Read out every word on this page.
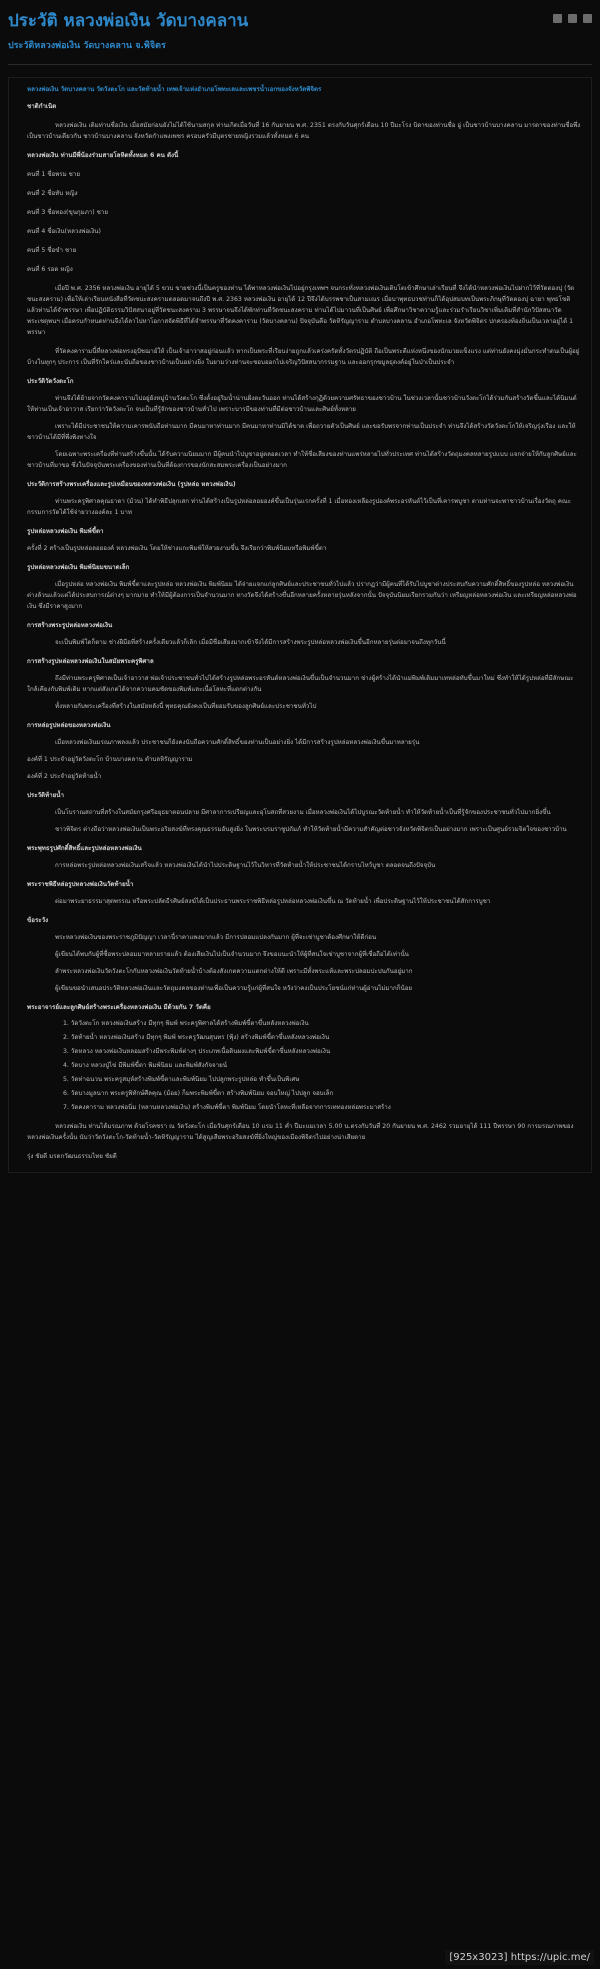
ประวัติ หลวงพ่อเงิน วัดบางคลาน

ประวัติหลวงพ่อเงิน วัดบางคลาน จ.พิจิตร

หลวงพ่อเงิน วัดบางคลาน วัดวังตะโก และวัดท้ายน้ำ เทพเจ้าแห่งอำเภอโพทะเลและเพชรน้ำเอกของจังหวัดพิจิตร

ชาติกำเนิด

หลวงพ่อเงิน เดิมท่านชื่อเงิน เมื่อสมัยก่อนยังไม่ได้ใช้นามสกุล ท่านเกิดเมื่อวันที่ 16 กันยายน พ.ศ. 2351 ตรงกับวันศุกร์เดือน 10 ปีมะโรง บิดาของท่านชื่อ อู่ เป็นชาวบ้านบางคลาน มารดาของท่านชื่อพึ่ง เป็นชาวบ้านเดียวกัน ชาวบ้านบางคลาน จังหวัดกำแพงเพชร ครอบครัวมีบุตรชายหญิงรวมแล้วทั้งหมด 6 คน

หลวงพ่อเงิน ท่านมีพี่น้องร่วมสายโลหิตทั้งหมด 6 คน ดังนี้

คนที่ 1 ชื่อพรม ชาย

คนที่ 2 ชื่อทับ หญิง

คนที่ 3 ชื่อทอง(ขุนกุมภา) ชาย

คนที่ 4 ชื่อเงิน(หลวงพ่อเงิน)

คนที่ 5 ชื่อขำ ชาย

คนที่ 6 รอด หญิง

เมื่อปี พ.ศ. 2356 หลวงพ่อเงิน อายุได้ 5 ขวบ ขายช่วงนี้เป็นครูของท่าน ได้พาหลวงพ่อเงินไปอยู่กรุงเทพฯ จนกระทั่งหลวงพ่อเงินเติบโตเข้าศึกษาเล่าเรียนที่ จึงได้นำหลวงพ่อเงินไปฝากไว้ที่วัดตองปุ (วัดชนะสงคราม) เพื่อให้เล่าเรียนหนังสือที่วัดชนะสงครามตลอดมาจนถึงปี พ.ศ. 2363 หลวงพ่อเงิน อายุได้ 12 ปีจึงได้บรรพชาเป็นสามเณร เมื่อบาพุทธบวชท่านก็ได้อุปสมบทเป็นพระภิกษุที่วัดตองปุ ฉายา พุทธโชติ แล้วท่านได้จำพรรษา เพื่อปฏิบัติธรรมวิปัสสนาอยู่ที่วัดชนะสงคราม 3 พรรษาจนจึงได้พักท่านที่วัดชนะสงคราม ท่านได้ไปมาวนที่เป็นศิษย์ เพื่อศึกษาวิชาความรู้และร่วมรำเรียนวิชาเพิ่มเติมที่สำนักวิปัสสนาวัดพระเชตุพนฯ เมื่อครบกำหนดท่านจึงได้ลาไปหาโอกาสจัดพิธีที่ได้จำพรรษาที่วัดคงคาราม (วัดบางคลาน) ปัจจุบันคือ วัดหิรัญญาราม ตำบลบางคลาน อำเภอโพทะเล จังหวัดพิจิตร ปกครองท้องถิ่นเป็นเวลาอยู่ได้ 1 พรรษา

ที่วัดคงคารามนี้ที่หลวงพ่อทรงอุปัชฌาย์ให้ เป็นเจ้าอาวาสอยู่ก่อนแล้ว หากเป็นพระที่เรียบง่ายถูกแล้วเคร่งครัดทั้งวัตรปฏิบัติ ถือเป็นพระดีแห่งหนึ่งของนักมวยแข็งแรง แต่ท่านยังคงมุ่งมั่นกระทำตนเป็นผู้อยู่บ้างในทุกๆ ประการ เป็นที่รักใคร่และนับถือของชาวบ้านเป็นอย่างยิ่ง ในยามว่างท่านจะชอบออกไปเจริญวิปัสสนากรรมฐาน และออกรุกขมูลธุดงค์อยู่ในป่าเป็นประจำ

ประวัติวัดวังตะโก

ท่านจึงได้ย้ายจากวัดคงคารามไปอยู่ยังหมู่บ้านวังตะโก ซึ่งตั้งอยู่ริมน้ำน่านฝั่งตะวันออก ท่านได้สร้างกุฏิด้วยความศรัทธาของชาวบ้าน ในช่วงเวลานั้นชาวบ้านวังตะโกได้ร่วมกันสร้างวัดขึ้นและได้นิมนต์ให้ท่านเป็นเจ้าอาวาส เรียกว่าวัดวังตะโก จนเป็นที่รู้จักของชาวบ้านทั่วไป เพราะบารมีของท่านที่มีต่อชาวบ้านและศิษย์ทั้งหลาย

เพราะได้มีประชาชนให้ความเคารพนับถือท่านมาก มีคนมาหาท่านมาก มีคนมาหาท่านมิได้ขาด เพื่อถวายตัวเป็นศิษย์ และขอรับพรจากท่านเป็นประจำ ท่านจึงได้สร้างวัดวังตะโกให้เจริญรุ่งเรือง และให้ชาวบ้านได้มีที่พึ่งพิงทางใจ

โดยเฉพาะพระเครื่องที่ท่านสร้างขึ้นนั้น ได้รับความนิยมมาก มีผู้คนนำไปบูชาอยู่ตลอดเวลา ทำให้ชื่อเสียงของท่านแพร่หลายไปทั่วประเทศ ท่านได้สร้างวัตถุมงคลหลายรูปแบบ แจกจ่ายให้กับลูกศิษย์และชาวบ้านที่มาขอ ซึ่งในปัจจุบันพระเครื่องของท่านเป็นที่ต้องการของนักสะสมพระเครื่องเป็นอย่างมาก

ประวัติการสร้างพระเครื่องและรูปเหมือนของหลวงพ่อเงิน (รูปหล่อ หลวงพ่อเงิน)

ท่านพระครูพิศาลคุณธาดา (ม้วน) ได้ทำพิธีปลุกเสก ท่านได้สร้างเป็นรูปหล่อลอยองค์ขึ้นเป็นรุ่นแรกครั้งที่ 1 เมื่อทองเหลืองรูปองค์พระอรหันต์ไว้เป็นที่เคารพบูชา ตามท่านจะพาชาวบ้านเรื่องวัตถุ คณะกรรมการวัดได้ใช้จ่ายวางองค์ละ 1 บาท

รูปหล่อหลวงพ่อเงิน พิมพ์ขี้ตา

ครั้งที่ 2 สร้างเป็นรูปหล่อลอยองค์ หลวงพ่อเงิน โดยให้ช่างแกะพิมพ์ให้สวยงามขึ้น จึงเรียกว่าพิมพ์นิยมหรือพิมพ์ขี้ตา

รูปหล่อหลวงพ่อเงิน พิมพ์นิยมขนาดเล็ก

เมื่อรูปหล่อ หลวงพ่อเงิน พิมพ์ขี้ตาและรูปหล่อ หลวงพ่อเงิน พิมพ์นิยม ได้จ่ายแจกแก่ลูกศิษย์และประชาชนทั่วไปแล้ว ปรากฏว่ามีผู้คนที่ได้รับไปบูชาต่างประสบกับความศักดิ์สิทธิ์ของรูปหล่อ หลวงพ่อเงิน ต่างล้วนแล้วแต่ได้ประสบการณ์ต่างๆ มากมาย ทำให้มีผู้ต้องการเป็นจำนวนมาก ทางวัดจึงได้สร้างขึ้นอีกหลายครั้งหลายรุ่นหลังจากนั้น ปัจจุบันนิยมเรียกรวมกันว่า เหรียญหล่อหลวงพ่อเงิน และเหรียญหล่อหลวงพ่อเงิน ซึ่งมีราคาสูงมาก

การสร้างพระรูปหล่อหลวงพ่อเงิน

จะเป็นพิมพ์ใดก็ตาม ช่างฝีมือที่สร้างครั้งเดียวแล้วก็เลิก เมื่อมีชื่อเสียงมากเข้าจึงได้มีการสร้างพระรูปหล่อหลวงพ่อเงินขึ้นอีกหลายรุ่นต่อมาจนถึงทุกวันนี้

การสร้างรูปหล่อหลวงพ่อเงินในสมัยพระครูพิศาล

ถึงมีท่านพระครูพิศาลเป็นเจ้าอาวาส พ่อเจ้าประชาชนทั่วไปได้สร้างรูปหล่อพระอรหันต์หลวงพ่อเงินขึ้นเป็นจำนวนมาก ช่างผู้สร้างได้นำแม่พิมพ์เดิมมาเทหล่อทับขึ้นมาใหม่ ซึ่งทำให้ได้รูปหล่อที่มีลักษณะใกล้เคียงกับพิมพ์เดิม หากแต่สังเกตได้จากความคมชัดของพิมพ์และเนื้อโลหะที่แตกต่างกัน

ทั้งหลายกับพระเครื่องที่สร้างในสมัยหลังนี้ พุทธคุณยังคงเป็นที่ยอมรับของลูกศิษย์และประชาชนทั่วไป

การหล่อรูปหล่อของหลวงพ่อเงิน

เมื่อหลวงพ่อเงินมรณภาพลงแล้ว ประชาชนก็ยังคงนับถือความศักดิ์สิทธิ์ของท่านเป็นอย่างยิ่ง ได้มีการสร้างรูปหล่อหลวงพ่อเงินขึ้นมาหลายรุ่น

องค์ที่ 1 ประจำอยู่วัดวังตะโก บ้านบางคลาน ตำบลหิรัญญาราม

องค์ที่ 2 ประจำอยู่วัดท้ายน้ำ

ประวัติท้ายน้ำ

เป็นโบราณสถานที่สร้างในสมัยกรุงศรีอยุธยาตอนปลาย มีศาลาการเปรียญและอุโบสถที่สวยงาม เมื่อหลวงพ่อเงินได้ไปบูรณะวัดท้ายน้ำ ทำให้วัดท้ายน้ำเป็นที่รู้จักของประชาชนทั่วไปมากยิ่งขึ้น

ชาวพิจิตร ต่างถือว่าหลวงพ่อเงินเป็นพระอริยสงฆ์ที่ทรงคุณธรรมอันสูงยิ่ง ในพระบรมราชูปถัมภ์ ทำให้วัดท้ายน้ำมีความสำคัญต่อชาวจังหวัดพิจิตรเป็นอย่างมาก เพราะเป็นศูนย์รวมจิตใจของชาวบ้าน

พระพุทธรูปศักดิ์สิทธิ์และรูปหล่อหลวงพ่อเงิน

การหล่อพระรูปหล่อหลวงพ่อเงินเสร็จแล้ว หลวงพ่อเงินได้นำไปประดิษฐานไว้ในวิหารที่วัดท้ายน้ำให้ประชาชนได้กราบไหว้บูชา ตลอดจนถึงปัจจุบัน

พระราชพิธีหล่อรูปหลวงพ่อเงินวัดท้ายน้ำ

ต่อมาพระยาธรรมาสุตพรรณ หรือพระปลัดธีรศิษย์สงฆ์ได้เป็นประธานพระราชพิธีหล่อรูปหล่อหลวงพ่อเงินขึ้น ณ วัดท้ายน้ำ เพื่อประดิษฐานไว้ให้ประชาชนได้สักการบูชา

ข้อระวัง

พระหลวงพ่อเงินของพระราชภูมิปัญญา เวลานี้ราคาแพงมากแล้ว มีการปลอมแปลงกันมาก ผู้ที่จะเช่าบูชาต้องศึกษาให้ดีก่อน

ผู้เขียนได้พบกับผู้ที่ซื้อพระปลอมมาหลายรายแล้ว ต้องเสียเงินไปเป็นจำนวนมาก จึงขอแนะนำให้ผู้ที่สนใจเช่าบูชาจากผู้ที่เชื่อถือได้เท่านั้น

ลำพระหลวงพ่อเงินวัดวังตะโกกับหลวงพ่อเงินวัดท้ายน้ำบ้างต้องสังเกตความแตกต่างให้ดี เพราะมีทั้งพระแท้และพระปลอมปะปนกันอยู่มาก

ผู้เขียนขอนำเสนอประวัติหลวงพ่อเงินและวัตถุมงคลของท่านเพื่อเป็นความรู้แก่ผู้ที่สนใจ หวังว่าคงเป็นประโยชน์แก่ท่านผู้อ่านไม่มากก็น้อย

พระอาจารย์และลูกศิษย์สร้างพระเครื่องหลวงพ่อเงิน มีด้วยกัน 7 วัดคือ

1. วัดวังตะโก หลวงพ่อเงินสร้าง มีทุกๆ พิมพ์ พระครูพิศาลได้สร้างพิมพ์ขี้ตาขึ้นหลังหลวงพ่อเงิน
2. วัดท้ายน้ำ หลวงพ่อเงินสร้าง มีทุกๆ พิมพ์ พระครูวัฒนสุนทร (ฟุ้ง) สร้างพิมพ์ขี้ตาขึ้นหลังหลวงพ่อเงิน
3. วัดหลวง หลวงพ่อเงินหลอมสร้างมีพระพิมพ์ต่างๆ ประเภทเนื้อดินผงและพิมพ์ขี้ตาขึ้นหลังหลวงพ่อเงิน
4. วัดบาง หลวงปู่ไข่ มีพิมพ์ขี้ตา พิมพ์นิยม และพิมพ์สังกัจจายน์
5. วัดท่าฉนวน พระครูสมุห์สร้างพิมพ์ขี้ตาและพิมพ์นิยม ไปปลูกพระรูปหล่อ ทำขึ้นเป็นพิเศษ
6. วัดบางมูลนาก พระครูพิทักษ์ศีลคุณ (ม้อย) ก็มพระพิมพ์ขี้ตา สร้างพิมพ์นิยม จอบใหญ่ ไปปลูก จอบเล็ก
7. วัดคงคาราม หลวงพ่อนิ่ม (หลานหลวงพ่อเงิน) สร้างพิมพ์ขี้ตา พิมพ์นิยม โดยนำโลหะที่เหลือจากการเททองหล่อพระมาสร้าง

หลวงพ่อเงิน ท่านได้มรณภาพ ด้วยโรคชรา ณ วัดวังตะโก เมื่อวันศุกร์เดือน 10 แรม 11 ค่ำ ปีมะแมเวลา 5.00 น.ตรงกับวันที่ 20 กันยายน พ.ศ. 2462 รวมอายุได้ 111 ปีพรรษา 90 การมรณภาพของหลวงพ่อเงินครั้งนั้น นับว่าวัดวังตะโก-วัดท้ายน้ำ-วัดหิรัญญาราม ได้สูญเสียพระอริยสงฆ์ที่ยิ่งใหญ่ของเมืองพิจิตรไปอย่างน่าเสียดาย

รุ่ง ชัยดี มรดกวัฒนธรรมไทย ชัยดี

[925x3023] https://upic.me/
